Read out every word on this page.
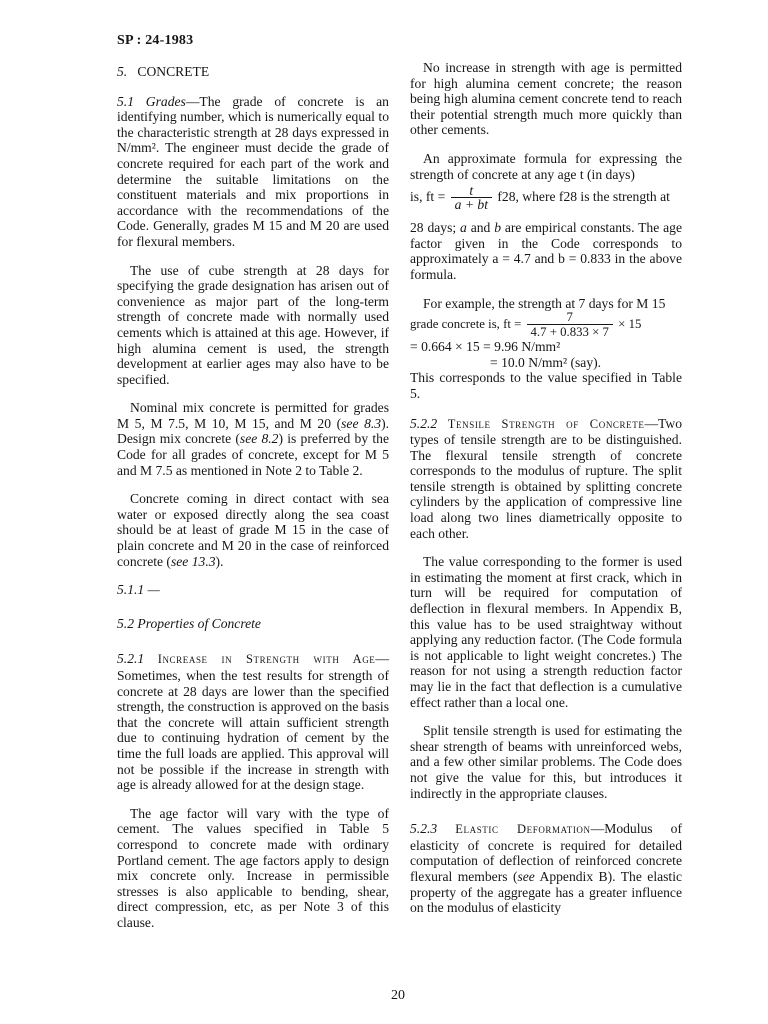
SP : 24-1983

5. CONCRETE

5.1 Grades—The grade of concrete is an identifying number, which is numerically equal to the characteristic strength at 28 days expressed in N/mm². The engineer must decide the grade of concrete required for each part of the work and determine the suitable limitations on the constituent materials and mix proportions in accordance with the recommendations of the Code. Generally, grades M 15 and M 20 are used for flexural members.

The use of cube strength at 28 days for specifying the grade designation has arisen out of convenience as major part of the long-term strength of concrete made with normally used cements which is attained at this age. However, if high alumina cement is used, the strength development at earlier ages may also have to be specified.

Nominal mix concrete is permitted for grades M 5, M 7.5, M 10, M 15, and M 20 (see 8.3). Design mix concrete (see 8.2) is preferred by the Code for all grades of concrete, except for M 5 and M 7.5 as mentioned in Note 2 to Table 2.

Concrete coming in direct contact with sea water or exposed directly along the sea coast should be at least of grade M 15 in the case of plain concrete and M 20 in the case of reinforced concrete (see 13.3).

5.1.1 —

5.2 Properties of Concrete

5.2.1 Increase in Strength with Age—Sometimes, when the test results for strength of concrete at 28 days are lower than the specified strength, the construction is approved on the basis that the concrete will attain sufficient strength due to continuing hydration of cement by the time the full loads are applied. This approval will not be possible if the increase in strength with age is already allowed for at the design stage.

The age factor will vary with the type of cement. The values specified in Table 5 correspond to concrete made with ordinary Portland cement. The age factors apply to design mix concrete only. Increase in permissible stresses is also applicable to bending, shear, direct compression, etc, as per Note 3 of this clause.

No increase in strength with age is permitted for high alumina cement concrete; the reason being high alumina cement concrete tend to reach their potential strength much more quickly than other cements.

An approximate formula for expressing the strength of concrete at any age t (in days)

is, ft = $\frac{t}{a + bt} f28$, where f28 is the strength at

28 days; a and b are empirical constants. The age factor given in the Code corresponds to approximately a = 4.7 and b = 0.833 in the above formula.

For example, the strength at 7 days for M 15

grade concrete is, ft = $\frac{7}{4.7 + 0.833 \times 7} \times 15$

= 0.664 × 15 = 9.96 N/mm²

= 10.0 N/mm² (say).

This corresponds to the value specified in Table 5.

5.2.2 Tensile Strength of Concrete—Two types of tensile strength are to be distinguished. The flexural tensile strength of concrete corresponds to the modulus of rupture. The split tensile strength is obtained by splitting concrete cylinders by the application of compressive line load along two lines diametrically opposite to each other.

The value corresponding to the former is used in estimating the moment at first crack, which in turn will be required for computation of deflection in flexural members. In Appendix B, this value has to be used straightway without applying any reduction factor. (The Code formula is not applicable to light weight concretes.) The reason for not using a strength reduction factor may lie in the fact that deflection is a cumulative effect rather than a local one.

Split tensile strength is used for estimating the shear strength of beams with unreinforced webs, and a few other similar problems. The Code does not give the value for this, but introduces it indirectly in the appropriate clauses.

5.2.3 Elastic Deformation—Modulus of elasticity of concrete is required for detailed computation of deflection of reinforced concrete flexural members (see Appendix B). The elastic property of the aggregate has a greater influence on the modulus of elasticity

20
